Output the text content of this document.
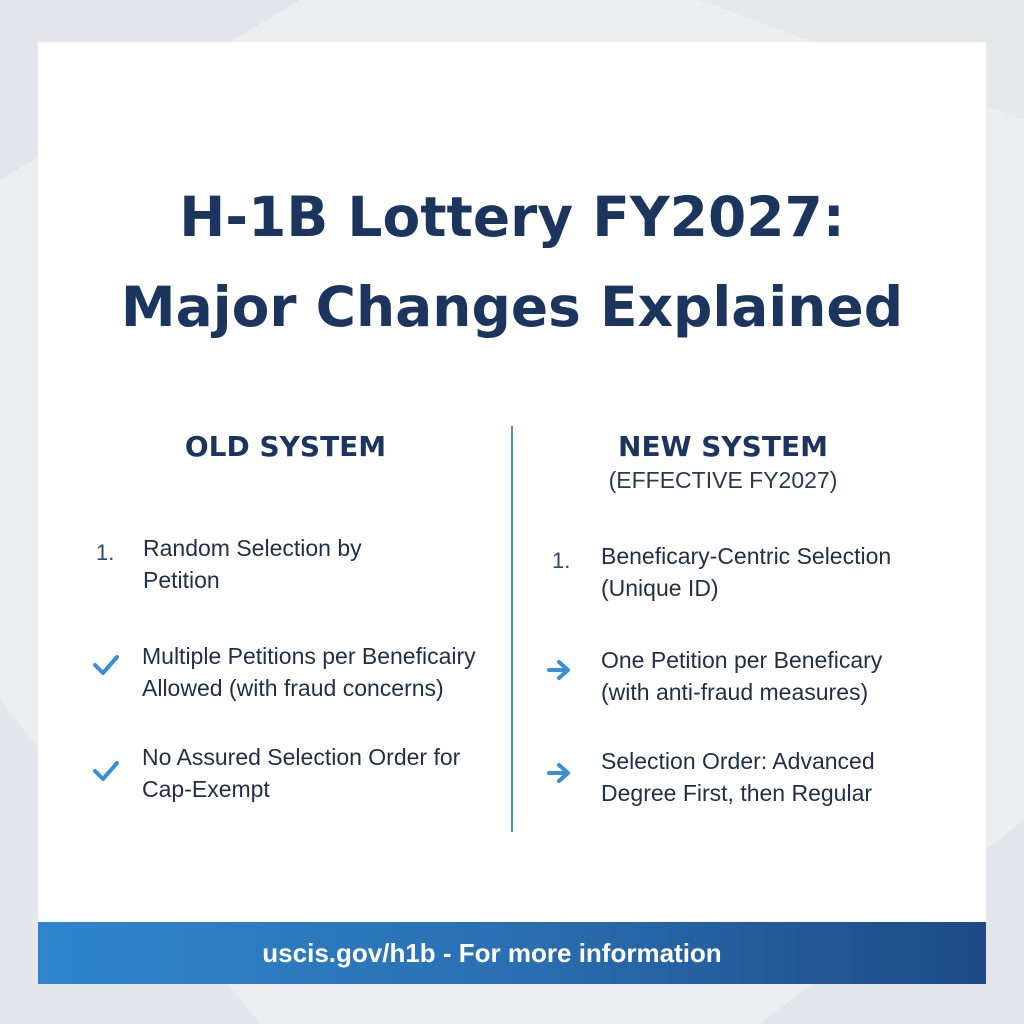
H-1B Lottery FY2027:
Major Changes Explained
OLD SYSTEM	NEW SYSTEM
(EFFECTIVE FY2027)
1. Random Selection by
Petition
Multiple Petitions per Beneficairy
Allowed (with fraud concerns)
No Assured Selection Order for
Cap-Exempt
1. Beneficary-Centric Selection
(Unique ID)
One Petition per Beneficary
(with anti-fraud measures)
Selection Order: Advanced
Degree First, then Regular
uscis.gov/h1b - For more information
